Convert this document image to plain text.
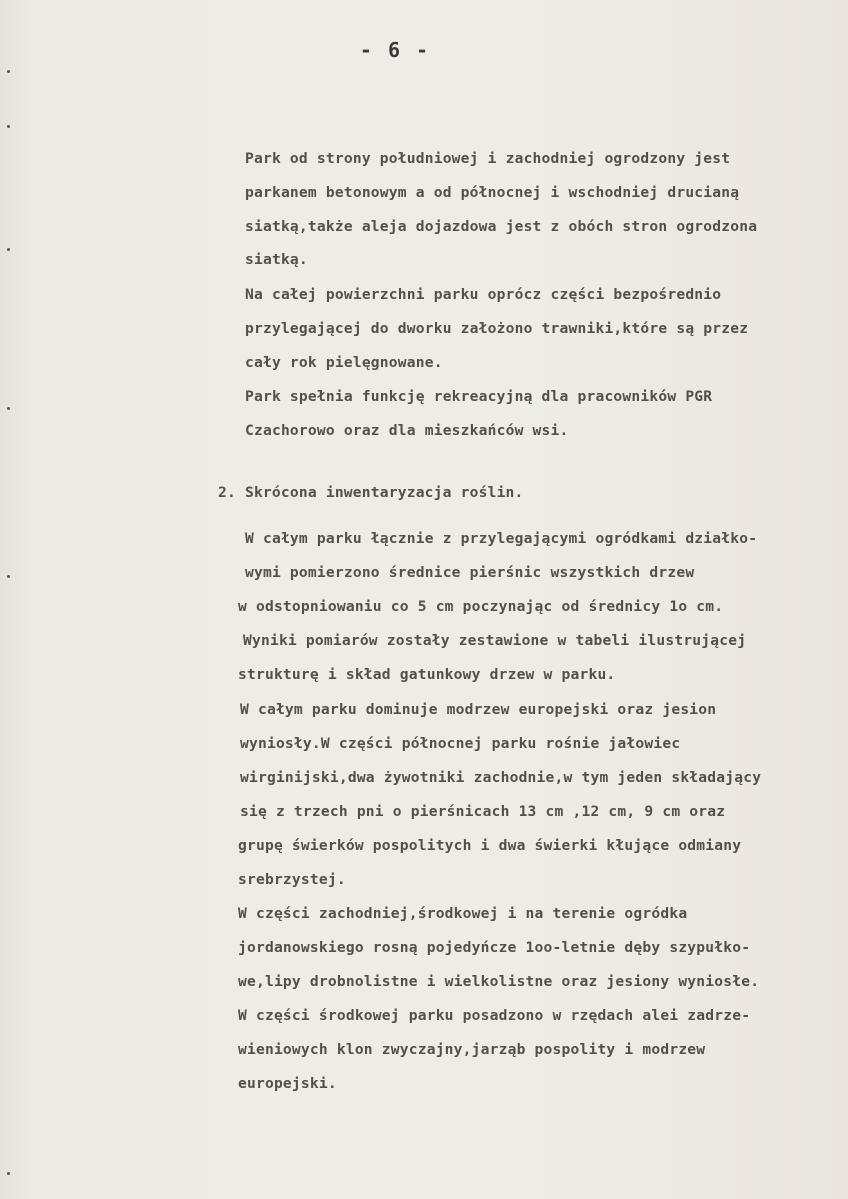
- 6 -
Park od strony południowej i zachodniej ogrodzony jest
parkanem betonowym a od północnej i wschodniej drucianą
siatką,także aleja dojazdowa jest z obóch stron ogrodzona
siatką.
Na całej powierzchni parku oprócz części bezpośrednio
przylegającej do dworku założono trawniki,które są przez
cały rok pielęgnowane.
Park spełnia funkcję rekreacyjną dla pracowników PGR
Czachorowo oraz dla mieszkańców wsi.
2. Skrócona inwentaryzacja roślin.
W całym parku łącznie z przylegającymi ogródkami działko-
wymi pomierzono średnice pierśnic wszystkich drzew
w odstopniowaniu co 5 cm poczynając od średnicy 1o cm.
Wyniki pomiarów zostały zestawione w tabeli ilustrującej
strukturę i skład gatunkowy drzew w parku.
W całym parku dominuje modrzew europejski oraz jesion
wyniosły.W części północnej parku rośnie jałowiec
wirginijski,dwa żywotniki zachodnie,w tym jeden składający
się z trzech pni o pierśnicach 13 cm ,12 cm, 9 cm oraz
grupę świerków pospolitych i dwa świerki kłujące odmiany
srebrzystej.
W części zachodniej,środkowej i na terenie ogródka
jordanowskiego rosną pojedyńcze 1oo-letnie dęby szypułko-
we,lipy drobnolistne i wielkolistne oraz jesiony wyniosłe.
W części środkowej parku posadzono w rzędach alei zadrze-
wieniowych klon zwyczajny,jarząb pospolity i modrzew
europejski.
